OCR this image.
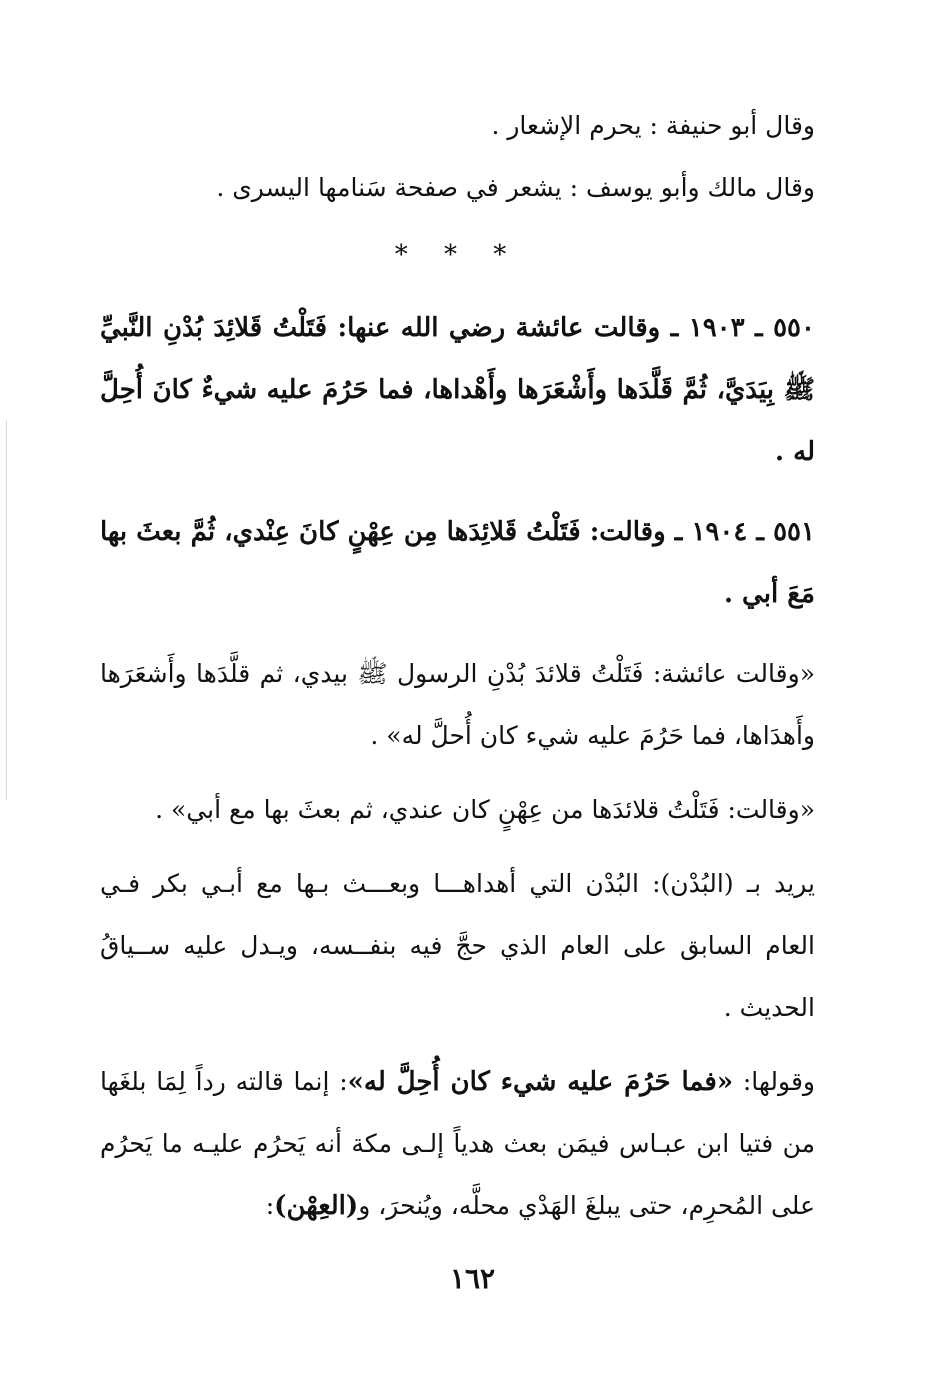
وقال أبو حنيفة : يحرم الإشعار .

وقال مالك وأبو يوسف : يشعر في صفحة سَنامها اليسرى .

* * *

٥٥٠ ـ ١٩٠٣ ـ وقالت عائشة رضي الله عنها: فَتَلْتُ قَلائِدَ بُدْنِ النَّبيِّ ﷺ بِيَدَيَّ، ثُمَّ قَلَّدَها وأَشْعَرَها وأَهْداها، فما حَرُمَ عليه شيءٌ كانَ أُحِلَّ له .

٥٥١ ـ ١٩٠٤ ـ وقالت: فَتَلْتُ قَلائِدَها مِن عِهْنٍ كانَ عِنْدي، ثُمَّ بعثَ بها مَعَ أبي .

«وقالت عائشة: فَتَلْتُ قلائدَ بُدْنِ الرسول ﷺ بيدي، ثم قلَّدَها وأَشعَرَها وأَهدَاها، فما حَرُمَ عليه شيء كان أُحلَّ له» .

«وقالت: فَتَلْتُ قلائدَها من عِهْنٍ كان عندي، ثم بعثَ بها مع أبي» .

يريد بـ (البُدْن): البُدْن التي أهداهـــا وبعـــث بـها مع أبـي بكر فـي العام السابق على العام الذي حجَّ فيه بنفــسه، ويـدل عليه ســياقُ الحديث .

وقولها: «فما حَرُمَ عليه شيء كان أُحِلَّ له»: إنما قالته رداً لِمَا بلغَها من فتيا ابن عبـاس فيمَن بعث هدياً إلـى مكة أنه يَحرُم عليـه ما يَحرُم على المُحرِم، حتى يبلغَ الهَدْي محلَّه، ويُنحرَ، و(العِهْن):

١٦٢
